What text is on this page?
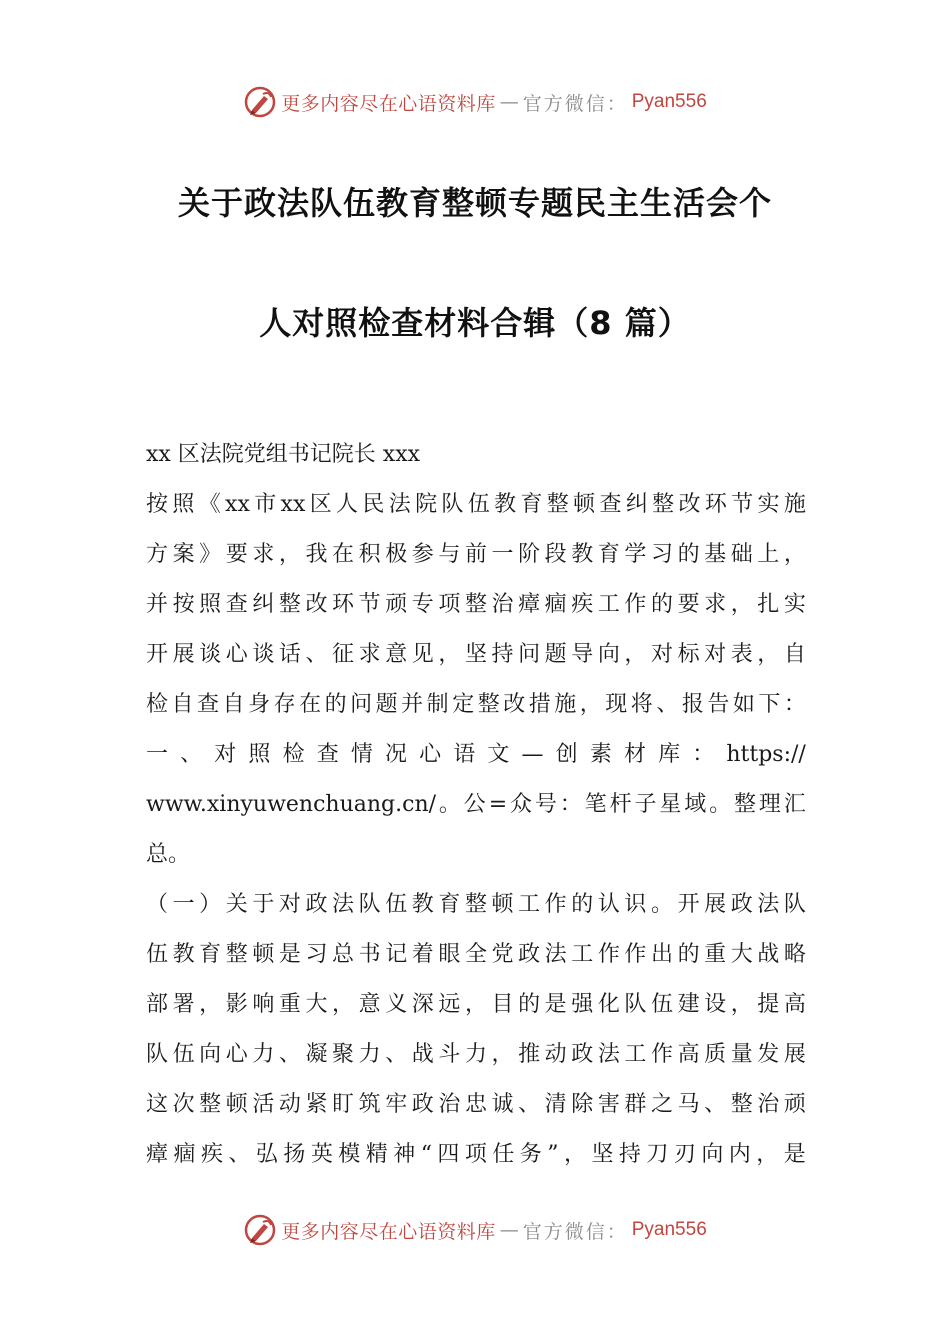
更多内容尽在心语资料库 — 官方微信： Pyan556
关于政法队伍教育整顿专题民主生活会个
人对照检查材料合辑（8 篇）
xx 区法院党组书记院长 xxx
按 照 《 xx 市 xx 区 人 民 法 院 队 伍 教 育 整 顿 查 纠 整 改 环 节 实 施
方 案 》 要 求 ， 我 在 积 极 参 与 前 一 阶 段 教 育 学 习 的 基 础 上 ，
并 按 照 查 纠 整 改 环 节 顽 专 项 整 治 瘴 痼 疾 工 作 的 要 求 ， 扎 实
开 展 谈 心 谈 话 、 征 求 意 见 ， 坚 持 问 题 导 向 ， 对 标 对 表 ， 自
检 自 查 自 身 存 在 的 问 题 并 制 定 整 改 措 施 ， 现 将 、 报 告 如 下 ：
一 、 对 照 检 查 情 况 心 语 文 — 创 素 材 库 ： https://
www.xinyuwenchuang.cn/ 。 公 = 众 号 ： 笔 杆 子 星 域 。 整 理 汇
总。
（ 一 ） 关 于 对 政 法 队 伍 教 育 整 顿 工 作 的 认 识 。 开 展 政 法 队
伍 教 育 整 顿 是 习 总 书 记 着 眼 全 党 政 法 工 作 作 出 的 重 大 战 略
部 署 ， 影 响 重 大 ， 意 义 深 远 ， 目 的 是 强 化 队 伍 建 设 ， 提 高
队 伍 向 心 力 、 凝 聚 力 、 战 斗 力 ， 推 动 政 法 工 作 高 质 量 发 展
这 次 整 顿 活 动 紧 盯 筑 牢 政 治 忠 诚 、 清 除 害 群 之 马 、 整 治 顽
瘴 痼 疾 、 弘 扬 英 模 精 神 “ 四 项 任 务 ” ， 坚 持 刀 刃 向 内 ， 是
更多内容尽在心语资料库 — 官方微信： Pyan556
